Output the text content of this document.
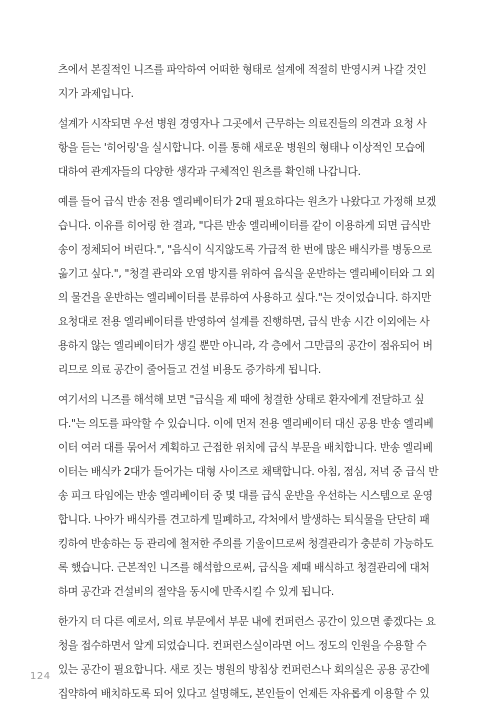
츠에서 본질적인 니즈를 파악하여 어떠한 형태로 설계에 적절히 반영시켜 나갈 것인
지가 과제입니다.

설계가 시작되면 우선 병원 경영자나 그곳에서 근무하는 의료진들의 의견과 요청 사
항을 듣는 '히어링'을 실시합니다. 이를 통해 새로운 병원의 형태나 이상적인 모습에
대하여 관계자들의 다양한 생각과 구체적인 원츠를 확인해 나갑니다.

예를 들어 급식 반송 전용 엘리베이터가 2대 필요하다는 원츠가 나왔다고 가정해 보겠
습니다. 이유를 히어링 한 결과, "다른 반송 엘리베이터를 같이 이용하게 되면 급식반
송이 정체되어 버린다.", "음식이 식지않도록 가급적 한 번에 많은 배식카를 병동으로
옮기고 싶다.", "청결 관리와 오염 방지를 위하여 음식을 운반하는 엘리베이터와 그 외
의 물건을 운반하는 엘리베이터를 분류하여 사용하고 싶다."는 것이었습니다. 하지만
요청대로 전용 엘리베이터를 반영하여 설계를 진행하면, 급식 반송 시간 이외에는 사
용하지 않는 엘리베이터가 생길 뿐만 아니라, 각 층에서 그만큼의 공간이 점유되어 버
리므로 의료 공간이 줄어들고 건설 비용도 증가하게 됩니다.

여기서의 니즈를 해석해 보면 "급식을 제 때에 청결한 상태로 환자에게 전달하고 싶
다."는 의도를 파악할 수 있습니다. 이에 먼저 전용 엘리베이터 대신 공용 반송 엘리베
이터 여러 대를 묶어서 계획하고 근접한 위치에 급식 부문을 배치합니다. 반송 엘리베
이터는 배식카 2대가 들어가는 대형 사이즈로 채택합니다. 아침, 점심, 저녁 중 급식 반
송 피크 타임에는 반송 엘리베이터 중 몇 대를 급식 운반을 우선하는 시스템으로 운영
합니다. 나아가 배식카를 견고하게 밀폐하고, 각처에서 발생하는 퇴식물을 단단히 패
킹하여 반송하는 등 관리에 철저한 주의를 기울이므로써 청결관리가 충분히 가능하도
록 했습니다. 근본적인 니즈를 해석함으로써, 급식을 제때 배식하고 청결관리에 대처
하며 공간과 건설비의 절약을 동시에 만족시킬 수 있게 됩니다.

한가지 더 다른 예로서, 의료 부문에서 부문 내에 컨퍼런스 공간이 있으면 좋겠다는 요
청을 접수하면서 알게 되었습니다. 컨퍼런스실이라면 어느 정도의 인원을 수용할 수
있는 공간이 필요합니다. 새로 짓는 병원의 방침상 컨퍼런스나 회의실은 공용 공간에
집약하여 배치하도록 되어 있다고 설명해도, 본인들이 언제든 자유롭게 이용할 수 있

124
